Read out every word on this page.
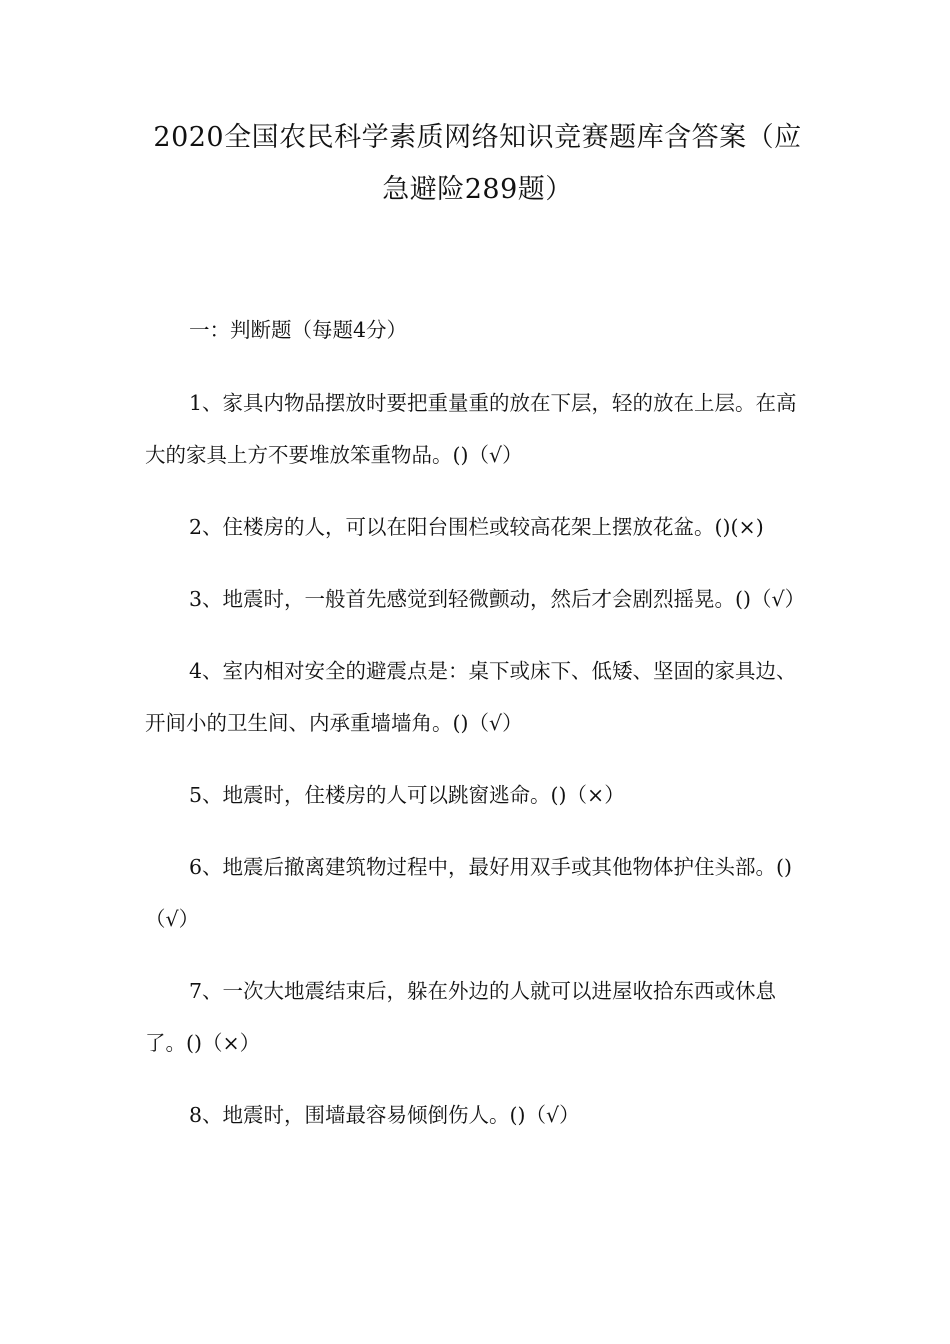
2020全国农民科学素质网络知识竞赛题库含答案（应
急避险289题）
一：判断题（每题4分）

1、家具内物品摆放时要把重量重的放在下层，轻的放在上层。在高大的家具上方不要堆放笨重物品。()（√）

2、住楼房的人，可以在阳台围栏或较高花架上摆放花盆。()(×)

3、地震时，一般首先感觉到轻微颤动，然后才会剧烈摇晃。()（√）

4、室内相对安全的避震点是：桌下或床下、低矮、坚固的家具边、开间小的卫生间、内承重墙墙角。()（√）

5、地震时，住楼房的人可以跳窗逃命。()（×）

6、地震后撤离建筑物过程中，最好用双手或其他物体护住头部。()（√）

7、一次大地震结束后，躲在外边的人就可以进屋收拾东西或休息了。()（×）

8、地震时，围墙最容易倾倒伤人。()（√）
